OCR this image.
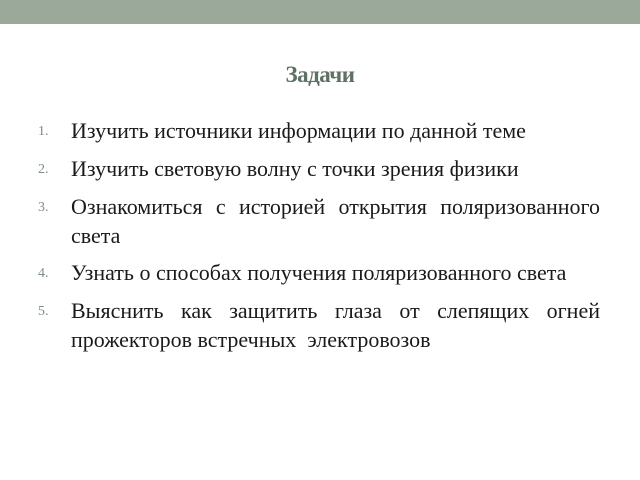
Задачи
1.	Изучить источники информации по данной теме
2.	Изучить световую волну с точки зрения физики
3.	Ознакомиться с историей открытия поляризованного света
4.	Узнать о способах получения поляризованного света
5.	Выяснить как защитить глаза от слепящих огней прожекторов встречных  электровозов
